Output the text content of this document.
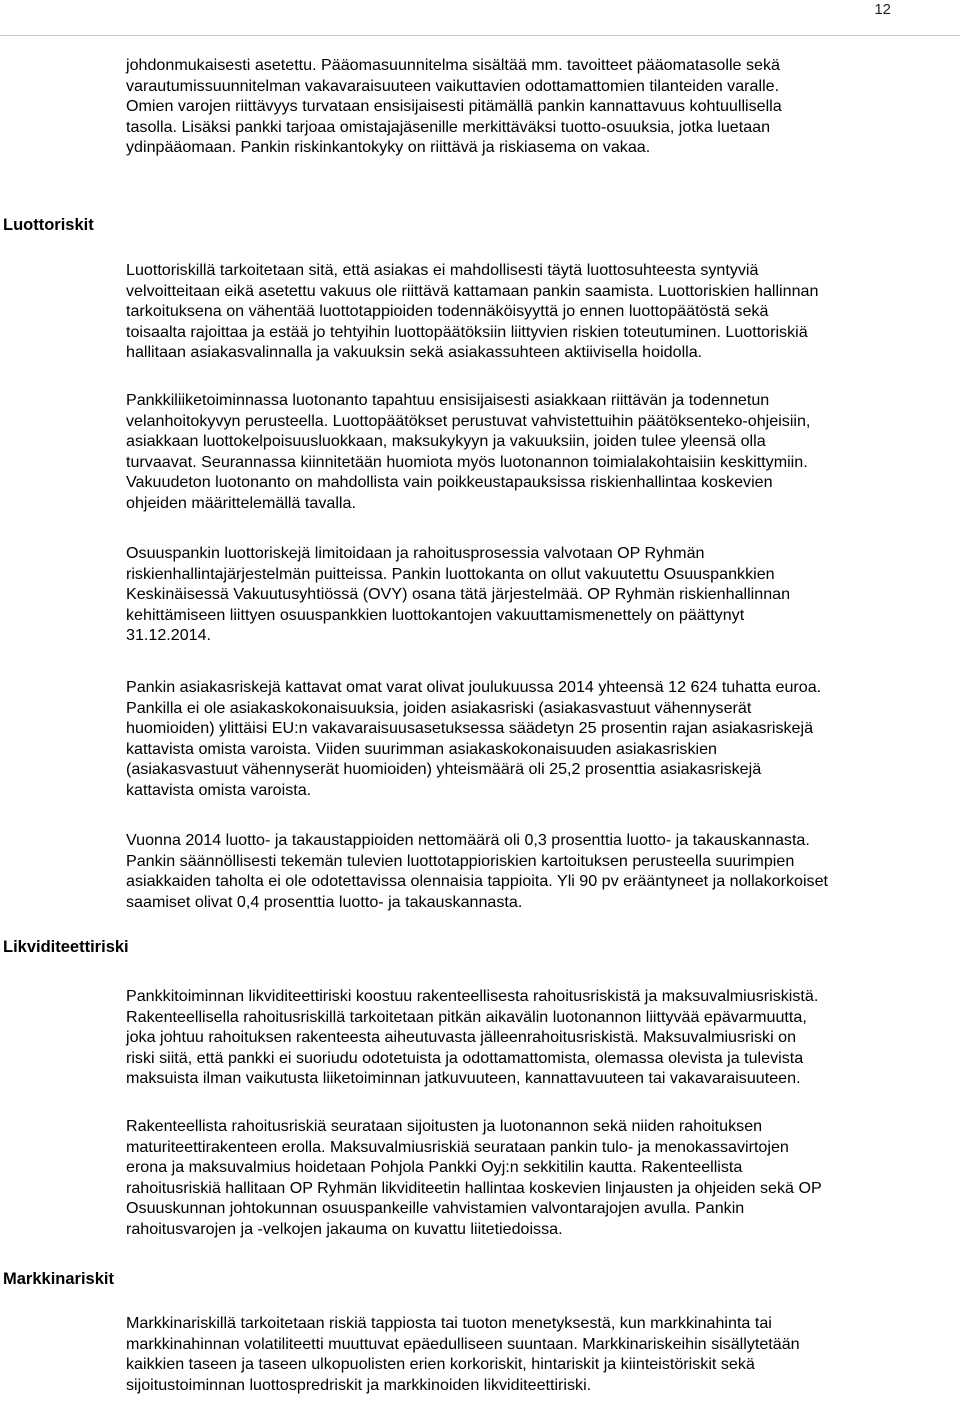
12
Luottoriskit
Likviditeettiriski
Markkinariskit

johdonmukaisesti asetettu. Pääomasuunnitelma sisältää mm. tavoitteet pääomatasolle sekä
varautumissuunnitelman vakavaraisuuteen vaikuttavien odottamattomien tilanteiden varalle.
Omien varojen riittävyys turvataan ensisijaisesti pitämällä pankin kannattavuus kohtuullisella
tasolla. Lisäksi pankki tarjoaa omistajajäsenille merkittäväksi tuotto-osuuksia, jotka luetaan
ydinpääomaan. Pankin riskinkantokyky on riittävä ja riskiasema on vakaa.

Luottoriskillä tarkoitetaan sitä, että asiakas ei mahdollisesti täytä luottosuhteesta syntyviä
velvoitteitaan eikä asetettu vakuus ole riittävä kattamaan pankin saamista. Luottoriskien hallinnan
tarkoituksena on vähentää luottotappioiden todennäköisyyttä jo ennen luottopäätöstä sekä
toisaalta rajoittaa ja estää jo tehtyihin luottopäätöksiin liittyvien riskien toteutuminen. Luottoriskiä
hallitaan asiakasvalinnalla ja vakuuksin sekä asiakassuhteen aktiivisella hoidolla.

Pankkiliiketoiminnassa luotonanto tapahtuu ensisijaisesti asiakkaan riittävän ja todennetun
velanhoitokyvyn perusteella. Luottopäätökset perustuvat vahvistettuihin päätöksenteko-ohjeisiin,
asiakkaan luottokelpoisuusluokkaan, maksukykyyn ja vakuuksiin, joiden tulee yleensä olla
turvaavat. Seurannassa kiinnitetään huomiota myös luotonannon toimialakohtaisiin keskittymiin.
Vakuudeton luotonanto on mahdollista vain poikkeustapauksissa riskienhallintaa koskevien
ohjeiden määrittelemällä tavalla.

Osuuspankin luottoriskejä limitoidaan ja rahoitusprosessia valvotaan OP Ryhmän
riskienhallintajärjestelmän puitteissa. Pankin luottokanta on ollut vakuutettu Osuuspankkien
Keskinäisessä Vakuutusyhtiössä (OVY) osana tätä järjestelmää. OP Ryhmän riskienhallinnan
kehittämiseen liittyen osuuspankkien luottokantojen vakuuttamismenettely on päättynyt
31.12.2014.

Pankin asiakasriskejä kattavat omat varat olivat joulukuussa 2014 yhteensä 12 624 tuhatta euroa.
Pankilla ei ole asiakaskokonaisuuksia, joiden asiakasriski (asiakasvastuut vähennyserät
huomioiden) ylittäisi EU:n vakavaraisuusasetuksessa säädetyn 25 prosentin rajan asiakasriskejä
kattavista omista varoista. Viiden suurimman asiakaskokonaisuuden asiakasriskien
(asiakasvastuut vähennyserät huomioiden) yhteismäärä oli 25,2 prosenttia asiakasriskejä
kattavista omista varoista.

Vuonna 2014 luotto- ja takaustappioiden nettomäärä oli 0,3 prosenttia luotto- ja takauskannasta.
Pankin säännöllisesti tekemän tulevien luottotappioriskien kartoituksen perusteella suurimpien
asiakkaiden taholta ei ole odotettavissa olennaisia tappioita. Yli 90 pv erääntyneet ja nollakorkoiset
saamiset olivat 0,4 prosenttia luotto- ja takauskannasta.

Pankkitoiminnan likviditeettiriski koostuu rakenteellisesta rahoitusriskistä ja maksuvalmiusriskistä.
Rakenteellisella rahoitusriskillä tarkoitetaan pitkän aikavälin luotonannon liittyvää epävarmuutta,
joka johtuu rahoituksen rakenteesta aiheutuvasta jälleenrahoitusriskistä. Maksuvalmiusriski on
riski siitä, että pankki ei suoriudu odotetuista ja odottamattomista, olemassa olevista ja tulevista
maksuista ilman vaikutusta liiketoiminnan jatkuvuuteen, kannattavuuteen tai vakavaraisuuteen.

Rakenteellista rahoitusriskiä seurataan sijoitusten ja luotonannon sekä niiden rahoituksen
maturiteettirakenteen erolla. Maksuvalmiusriskiä seurataan pankin tulo- ja menokassavirtojen
erona ja maksuvalmius hoidetaan Pohjola Pankki Oyj:n sekkitilin kautta. Rakenteellista
rahoitusriskiä hallitaan OP Ryhmän likviditeetin hallintaa koskevien linjausten ja ohjeiden sekä OP
Osuuskunnan johtokunnan osuuspankeille vahvistamien valvontarajojen avulla. Pankin
rahoitusvarojen ja -velkojen jakauma on kuvattu liitetiedoissa.

Markkinariskillä tarkoitetaan riskiä tappiosta tai tuoton menetyksestä, kun markkinahinta tai
markkinahinnan volatiliteetti muuttuvat epäedulliseen suuntaan. Markkinariskeihin sisällytetään
kaikkien taseen ja taseen ulkopuolisten erien korkoriskit, hintariskit ja kiinteistöriskit sekä
sijoitustoiminnan luottospredriskit ja markkinoiden likviditeettiriski.
